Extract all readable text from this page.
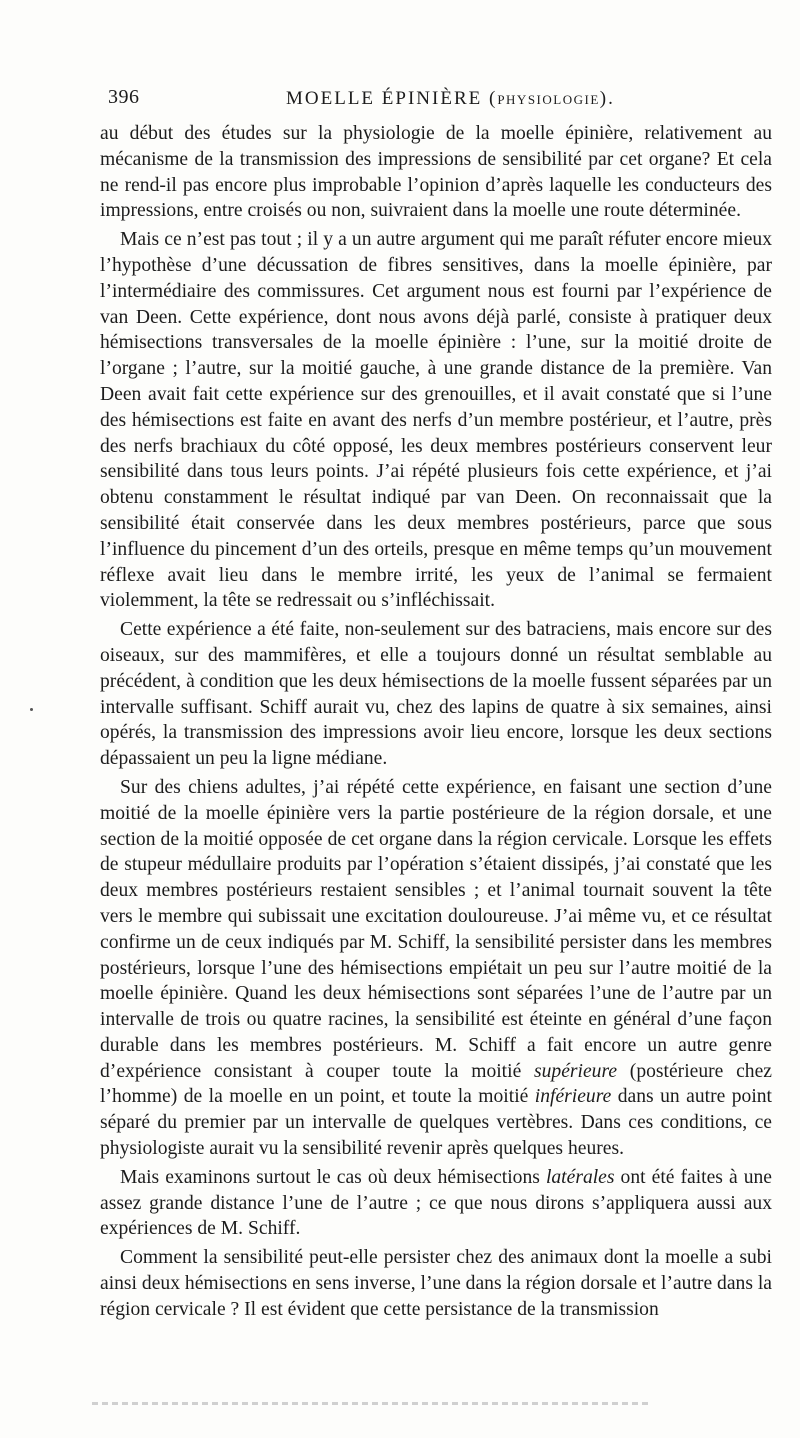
396	MOELLE ÉPINIÈRE (PHYSIOLOGIE).

au début des études sur la physiologie de la moelle épinière, relativement au mécanisme de la transmission des impressions de sensibilité par cet organe? Et cela ne rend-il pas encore plus improbable l’opinion d’après laquelle les conducteurs des impressions, entre croisés ou non, suivraient dans la moelle une route déterminée.

Mais ce n’est pas tout ; il y a un autre argument qui me paraît réfuter encore mieux l’hypothèse d’une décussation de fibres sensitives, dans la moelle épinière, par l’intermédiaire des commissures. Cet argument nous est fourni par l’expérience de van Deen. Cette expérience, dont nous avons déjà parlé, consiste à pratiquer deux hémisections transversales de la moelle épinière : l’une, sur la moitié droite de l’organe ; l’autre, sur la moitié gauche, à une grande distance de la première. Van Deen avait fait cette expérience sur des grenouilles, et il avait constaté que si l’une des hémisections est faite en avant des nerfs d’un membre postérieur, et l’autre, près des nerfs brachiaux du côté opposé, les deux membres postérieurs conservent leur sensibilité dans tous leurs points. J’ai répété plusieurs fois cette expérience, et j’ai obtenu constamment le résultat indiqué par van Deen. On reconnaissait que la sensibilité était conservée dans les deux membres postérieurs, parce que sous l’influence du pincement d’un des orteils, presque en même temps qu’un mouvement réflexe avait lieu dans le membre irrité, les yeux de l’animal se fermaient violemment, la tête se redressait ou s’infléchissait.

Cette expérience a été faite, non-seulement sur des batraciens, mais encore sur des oiseaux, sur des mammifères, et elle a toujours donné un résultat semblable au précédent, à condition que les deux hémisections de la moelle fussent séparées par un intervalle suffisant. Schiff aurait vu, chez des lapins de quatre à six semaines, ainsi opérés, la transmission des impressions avoir lieu encore, lorsque les deux sections dépassaient un peu la ligne médiane.

Sur des chiens adultes, j’ai répété cette expérience, en faisant une section d’une moitié de la moelle épinière vers la partie postérieure de la région dorsale, et une section de la moitié opposée de cet organe dans la région cervicale. Lorsque les effets de stupeur médullaire produits par l’opération s’étaient dissipés, j’ai constaté que les deux membres postérieurs restaient sensibles ; et l’animal tournait souvent la tête vers le membre qui subissait une excitation douloureuse. J’ai même vu, et ce résultat confirme un de ceux indiqués par M. Schiff, la sensibilité persister dans les membres postérieurs, lorsque l’une des hémisections empiétait un peu sur l’autre moitié de la moelle épinière. Quand les deux hémisections sont séparées l’une de l’autre par un intervalle de trois ou quatre racines, la sensibilité est éteinte en général d’une façon durable dans les membres postérieurs. M. Schiff a fait encore un autre genre d’expérience consistant à couper toute la moitié supérieure (postérieure chez l’homme) de la moelle en un point, et toute la moitié inférieure dans un autre point séparé du premier par un intervalle de quelques vertèbres. Dans ces conditions, ce physiologiste aurait vu la sensibilité revenir après quelques heures.

Mais examinons surtout le cas où deux hémisections latérales ont été faites à une assez grande distance l’une de l’autre ; ce que nous dirons s’appliquera aussi aux expériences de M. Schiff.

Comment la sensibilité peut-elle persister chez des animaux dont la moelle a subi ainsi deux hémisections en sens inverse, l’une dans la région dorsale et l’autre dans la région cervicale ? Il est évident que cette persistance de la transmission
